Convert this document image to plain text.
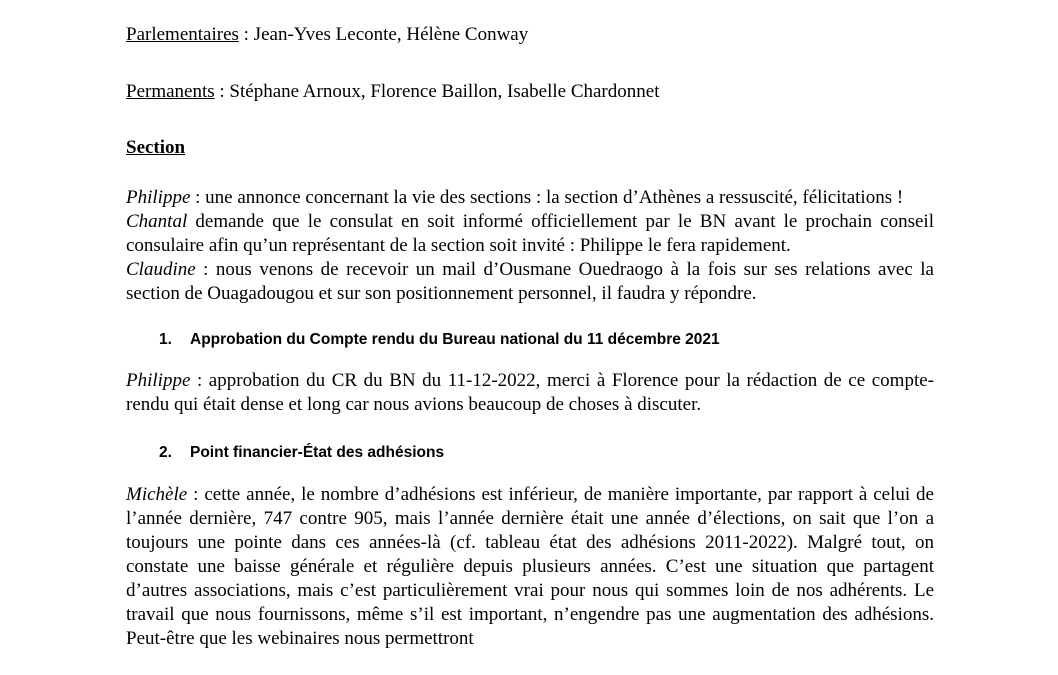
Parlementaires : Jean-Yves Leconte, Hélène Conway

Permanents : Stéphane Arnoux, Florence Baillon, Isabelle Chardonnet

Section

Philippe : une annonce concernant la vie des sections : la section d’Athènes a ressuscité, félicitations !

Chantal demande que le consulat en soit informé officiellement par le BN avant le prochain conseil consulaire afin qu’un représentant de la section soit invité : Philippe le fera rapidement.

Claudine : nous venons de recevoir un mail d’Ousmane Ouedraogo à la fois sur ses relations avec la section de Ouagadougou et sur son positionnement personnel, il faudra y répondre.

1. Approbation du Compte rendu du Bureau national du 11 décembre 2021

Philippe : approbation du CR du BN du 11-12-2022, merci à Florence pour la rédaction de ce compte-rendu qui était dense et long car nous avions beaucoup de choses à discuter.

2. Point financier-État des adhésions

Michèle : cette année, le nombre d’adhésions est inférieur, de manière importante, par rapport à celui de l’année dernière, 747 contre 905, mais l’année dernière était une année d’élections, on sait que l’on a toujours une pointe dans ces années-là (cf. tableau état des adhésions 2011-2022). Malgré tout, on constate une baisse générale et régulière depuis plusieurs années. C’est une situation que partagent d’autres associations, mais c’est particulièrement vrai pour nous qui sommes loin de nos adhérents. Le travail que nous fournissons, même s’il est important, n’engendre pas une augmentation des adhésions. Peut-être que les webinaires nous permettront
